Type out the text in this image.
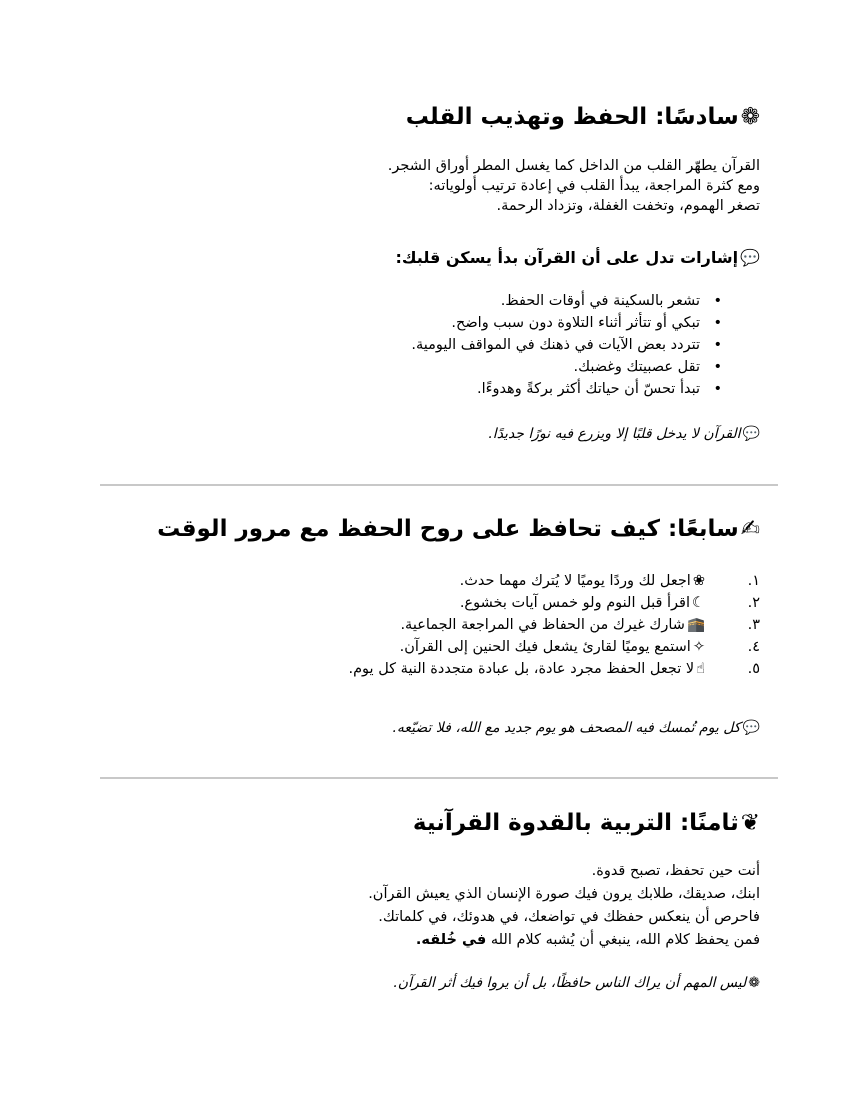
❁سادسًا: الحفظ وتهذيب القلب
القرآن يطهّر القلب من الداخل كما يغسل المطر أوراق الشجر.
ومع كثرة المراجعة، يبدأ القلب في إعادة ترتيب أولوياته:
تصغر الهموم، وتخفت الغفلة، وتزداد الرحمة.
💬إشارات تدل على أن القرآن بدأ يسكن قلبك:
• تشعر بالسكينة في أوقات الحفظ.
• تبكي أو تتأثر أثناء التلاوة دون سبب واضح.
• تتردد بعض الآيات في ذهنك في المواقف اليومية.
• تقل عصبيتك وغضبك.
• تبدأ تحسّ أن حياتك أكثر بركةً وهدوءًا.
💬القرآن لا يدخل قلبًا إلا ويزرع فيه نورًا جديدًا.
✍سابعًا: كيف تحافظ على روح الحفظ مع مرور الوقت
١.
❀اجعل لك وردًا يوميًا لا يُترك مهما حدث.
٢.
☾اقرأ قبل النوم ولو خمس آيات بخشوع.
٣.
🕋شارك غيرك من الحفاظ في المراجعة الجماعية.
٤.
✧استمع يوميًا لقارئ يشعل فيك الحنين إلى القرآن.
٥.
☝لا تجعل الحفظ مجرد عادة، بل عبادة متجددة النية كل يوم.
💬كل يوم تُمسك فيه المصحف هو يوم جديد مع الله، فلا تضيّعه.
❦ثامنًا: التربية بالقدوة القرآنية
أنت حين تحفظ، تصبح قدوة.
ابنك، صديقك، طلابك يرون فيك صورة الإنسان الذي يعيش القرآن.
فاحرص أن ينعكس حفظك في تواضعك، في هدوئك، في كلماتك.
فمن يحفظ كلام الله، ينبغي أن يُشبه كلام الله في خُلقه.
❁ليس المهم أن يراك الناس حافظًا، بل أن يروا فيك أثر القرآن.
